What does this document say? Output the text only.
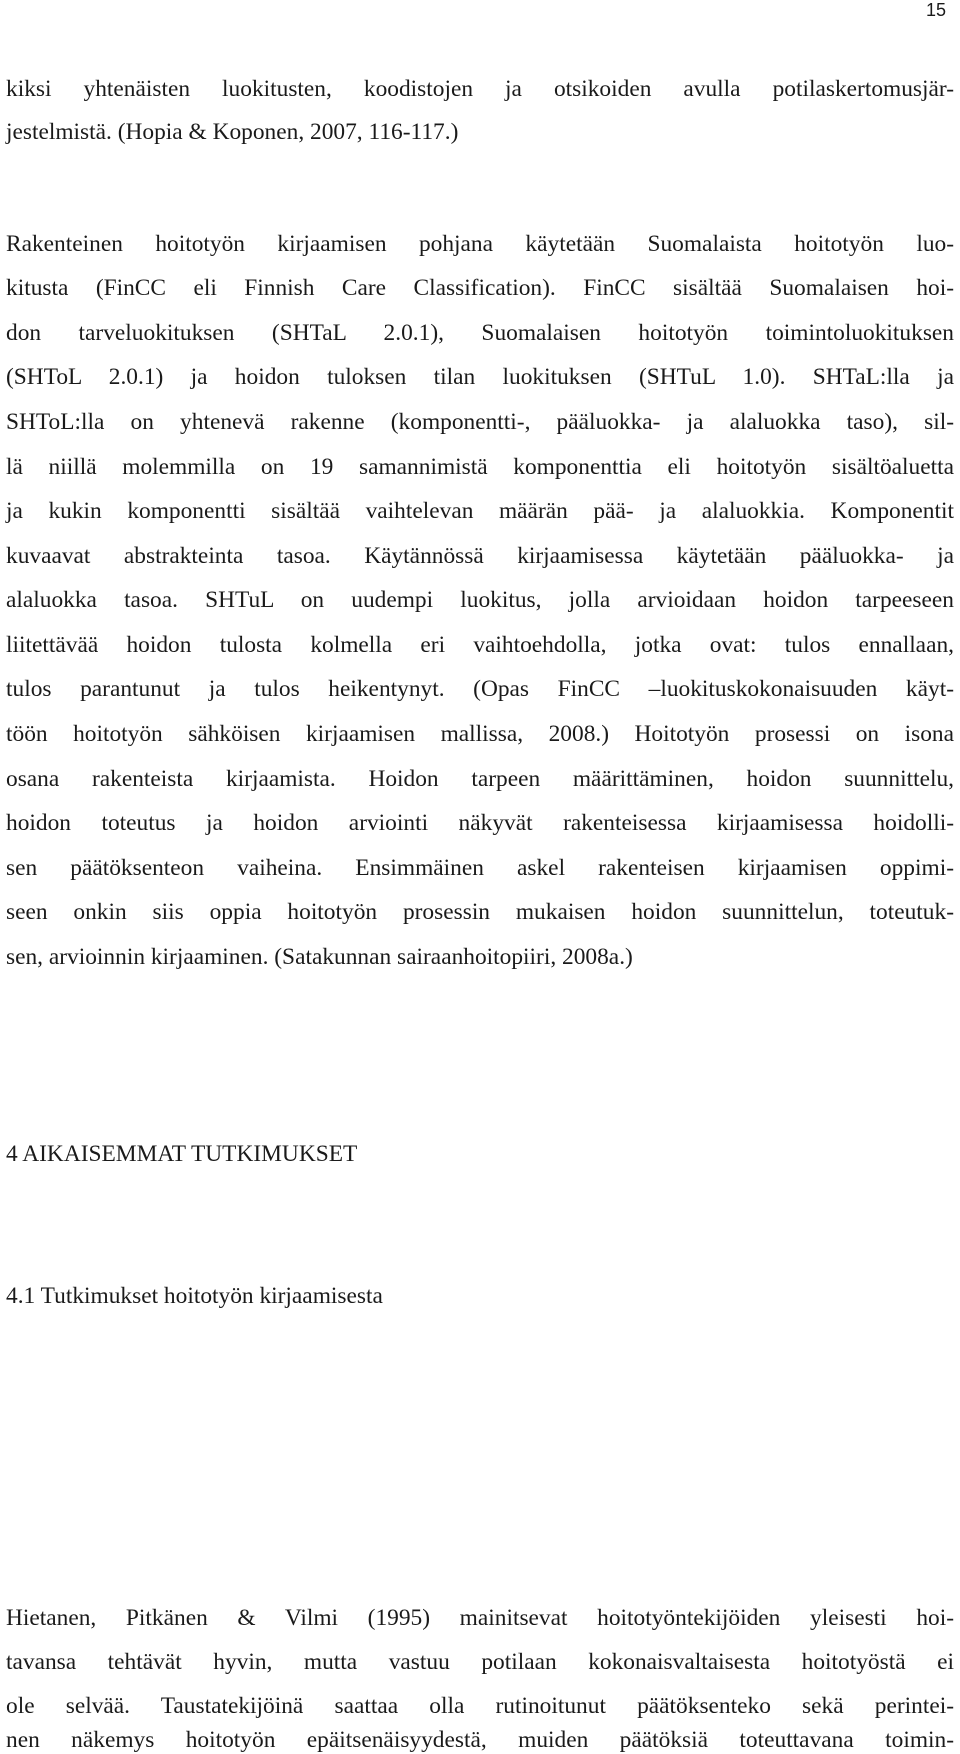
15
kiksi yhtenäisten luokitusten, koodistojen ja otsikoiden avulla potilaskertomusjär-
jestelmistä. (Hopia & Koponen, 2007, 116-117.)
Rakenteinen hoitotyön kirjaamisen pohjana käytetään Suomalaista hoitotyön luo-
kitusta (FinCC eli Finnish Care Classification). FinCC sisältää Suomalaisen hoi-
don tarveluokituksen (SHTaL 2.0.1), Suomalaisen hoitotyön toimintoluokituksen
(SHToL 2.0.1) ja hoidon tuloksen tilan luokituksen (SHTuL 1.0). SHTaL:lla ja
SHToL:lla on yhtenevä rakenne (komponentti-, pääluokka- ja alaluokka taso), sil-
lä niillä molemmilla on 19 samannimistä komponenttia eli hoitotyön sisältöaluetta
ja kukin komponentti sisältää vaihtelevan määrän pää- ja alaluokkia. Komponentit
kuvaavat abstrakteinta tasoa. Käytännössä kirjaamisessa käytetään pääluokka- ja
alaluokka tasoa. SHTuL on uudempi luokitus, jolla arvioidaan hoidon tarpeeseen
liitettävää hoidon tulosta kolmella eri vaihtoehdolla, jotka ovat: tulos ennallaan,
tulos parantunut ja tulos heikentynyt. (Opas FinCC –luokituskokonaisuuden käyt-
töön hoitotyön sähköisen kirjaamisen mallissa, 2008.) Hoitotyön prosessi on isona
osana rakenteista kirjaamista. Hoidon tarpeen määrittäminen, hoidon suunnittelu,
hoidon toteutus ja hoidon arviointi näkyvät rakenteisessa kirjaamisessa hoidolli-
sen päätöksenteon vaiheina. Ensimmäinen askel rakenteisen kirjaamisen oppimi-
seen onkin siis oppia hoitotyön prosessin mukaisen hoidon suunnittelun, toteutuk-
sen, arvioinnin kirjaaminen. (Satakunnan sairaanhoitopiiri, 2008a.)
4 AIKAISEMMAT TUTKIMUKSET
4.1 Tutkimukset hoitotyön kirjaamisesta
Hietanen, Pitkänen & Vilmi (1995) mainitsevat hoitotyöntekijöiden yleisesti hoi-
tavansa tehtävät hyvin, mutta vastuu potilaan kokonaisvaltaisesta hoitotyöstä ei
ole selvää. Taustatekijöinä saattaa olla rutinoitunut päätöksenteko sekä perintei-
nen näkemys hoitotyön epäitsenäisyydestä, muiden päätöksiä toteuttavana toimin-
